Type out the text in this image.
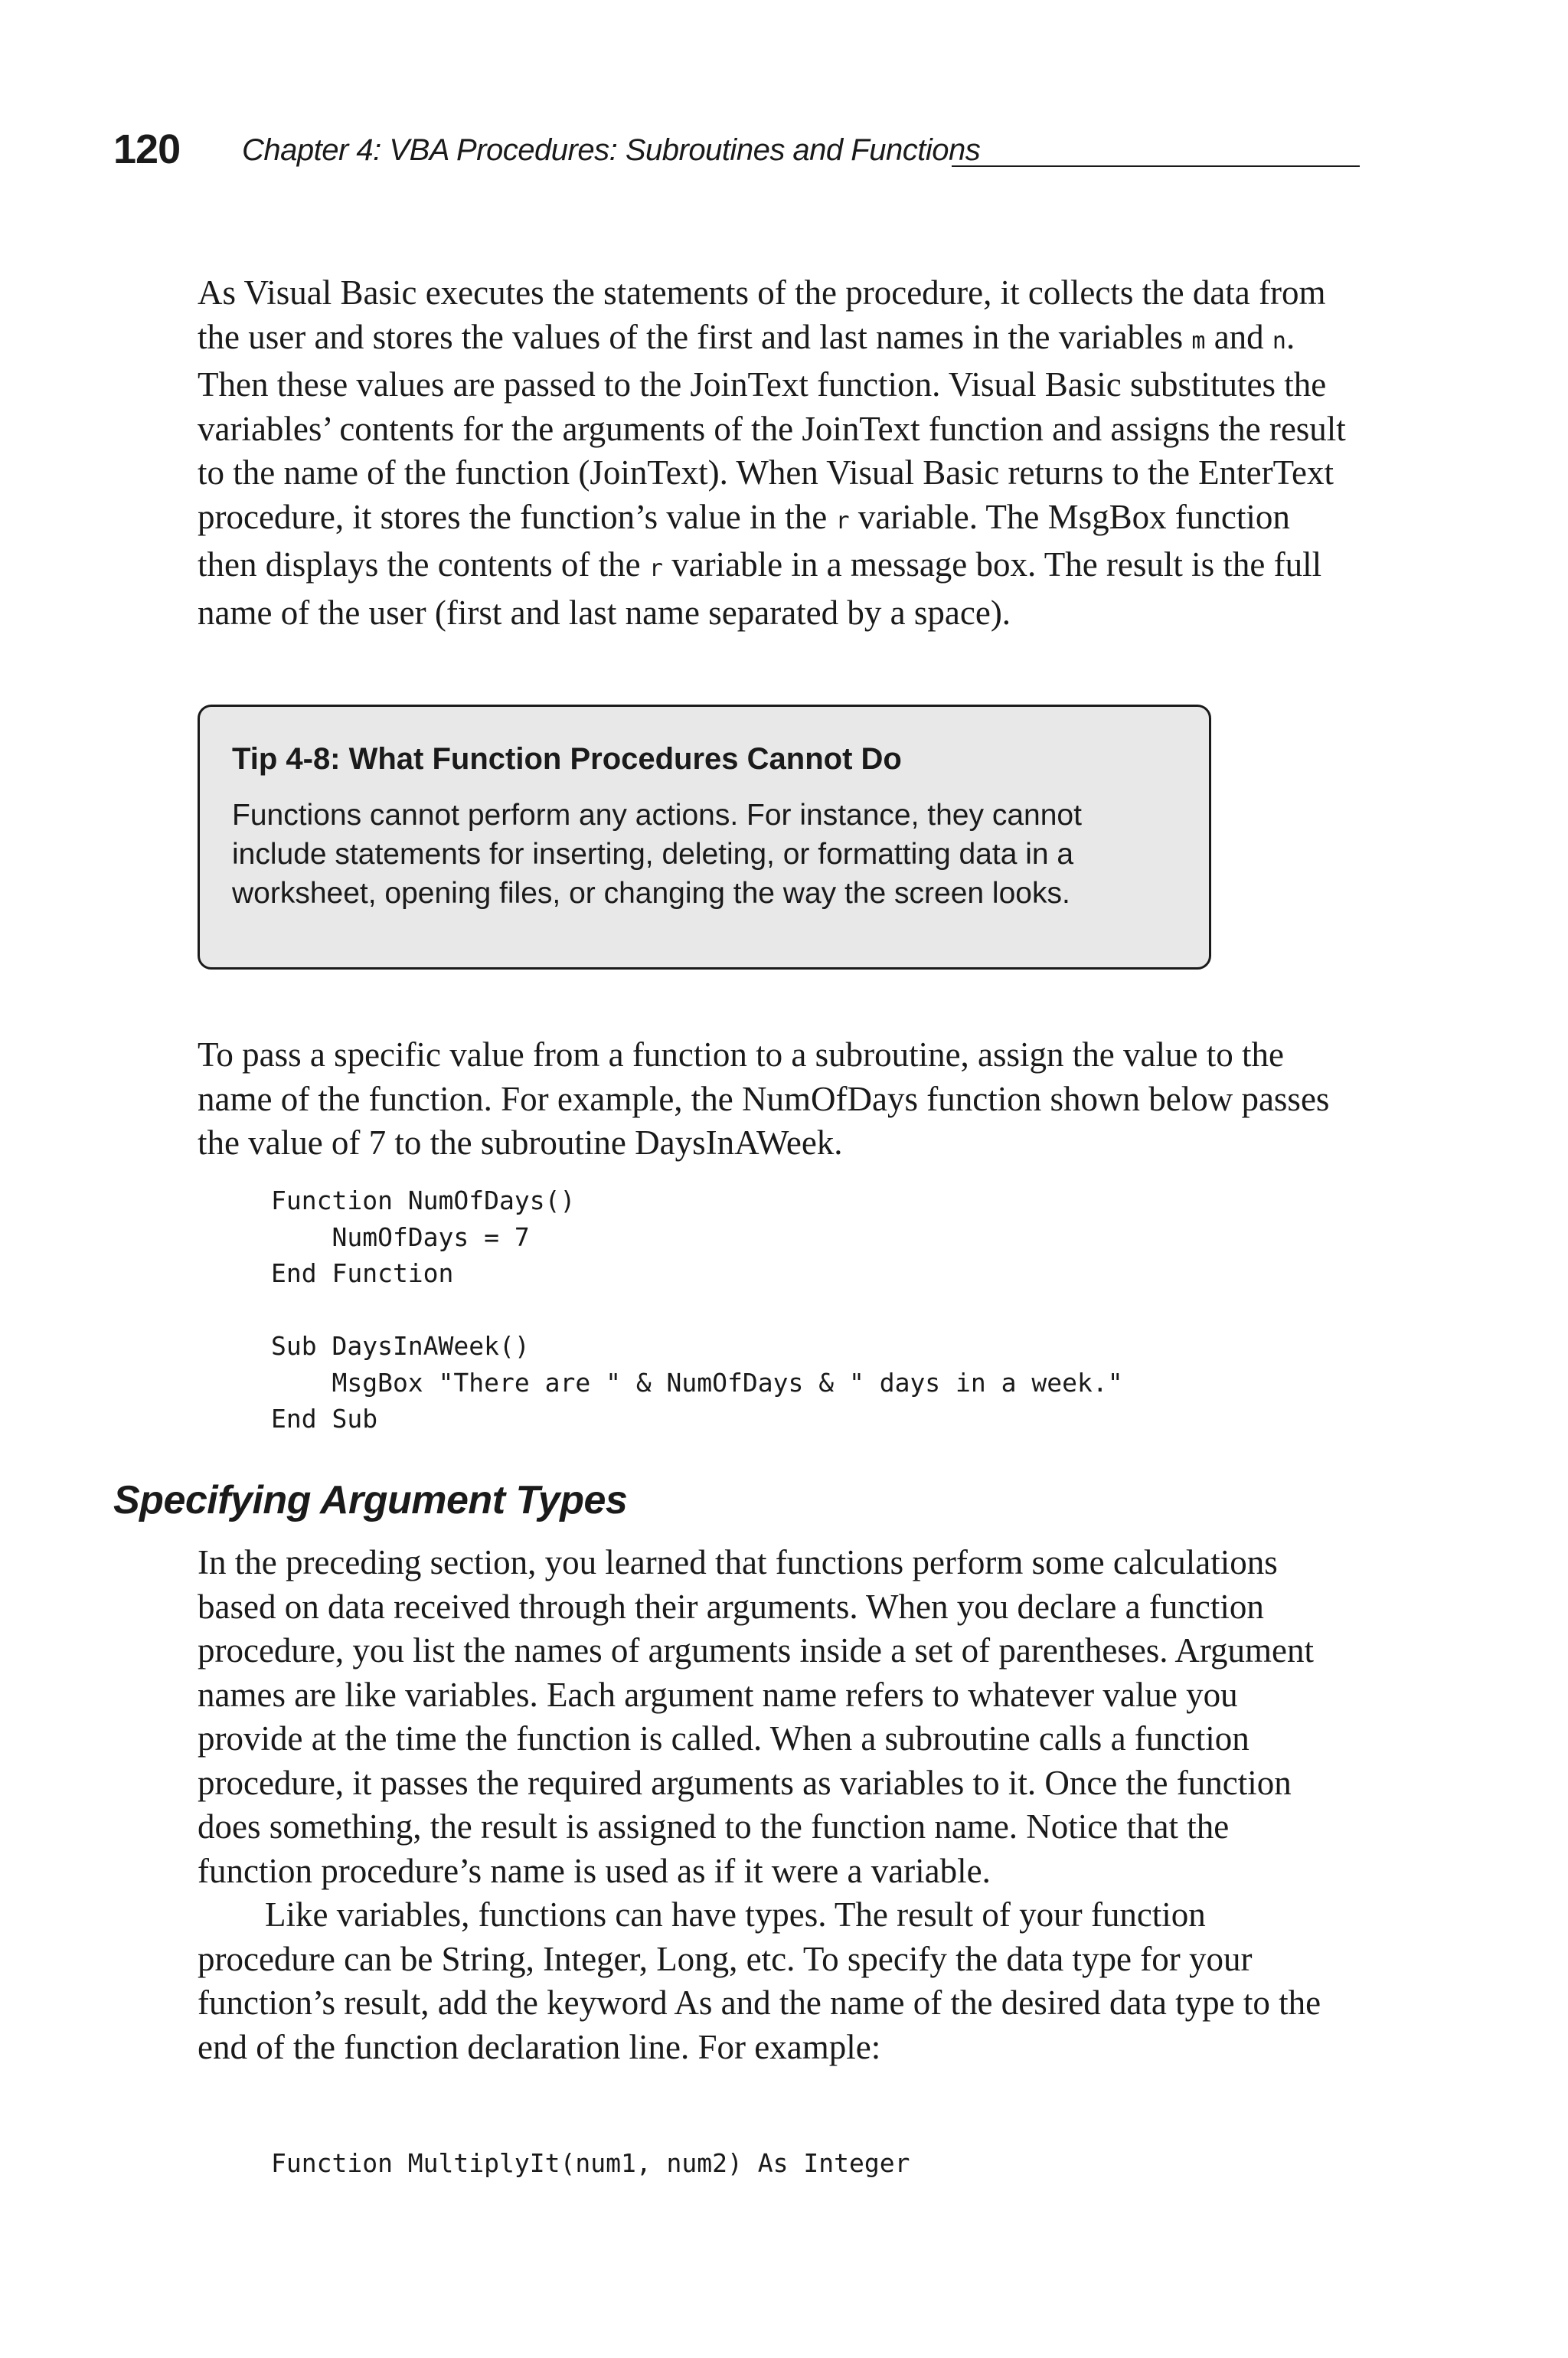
120 Chapter 4: VBA Procedures: Subroutines and Functions

As Visual Basic executes the statements of the procedure, it collects the data from the user and stores the values of the first and last names in the variables m and n. Then these values are passed to the JoinText function. Visual Basic substitutes the variables’ contents for the arguments of the JoinText function and assigns the result to the name of the function (JoinText). When Visual Basic returns to the EnterText procedure, it stores the function’s value in the r variable. The MsgBox function then displays the contents of the r variable in a message box. The result is the full name of the user (first and last name separated by a space).

Tip 4-8: What Function Procedures Cannot Do

Functions cannot perform any actions. For instance, they cannot include statements for inserting, deleting, or formatting data in a worksheet, opening files, or changing the way the screen looks.

To pass a specific value from a function to a subroutine, assign the value to the name of the function. For example, the NumOfDays function shown below passes the value of 7 to the subroutine DaysInAWeek.

Function NumOfDays()
NumOfDays = 7
End Function
Sub DaysInAWeek()
MsgBox "There are " & NumOfDays & " days in a week."
End Sub
Specifying Argument Types

In the preceding section, you learned that functions perform some calculations based on data received through their arguments. When you declare a function procedure, you list the names of arguments inside a set of parentheses. Argument names are like variables. Each argument name refers to whatever value you provide at the time the function is called. When a subroutine calls a function procedure, it passes the required arguments as variables to it. Once the function does something, the result is assigned to the function name. Notice that the function procedure’s name is used as if it were a variable.

Like variables, functions can have types. The result of your function procedure can be String, Integer, Long, etc. To specify the data type for your function’s result, add the keyword As and the name of the desired data type to the end of the function declaration line. For example:

Function MultiplyIt(num1, num2) As Integer
